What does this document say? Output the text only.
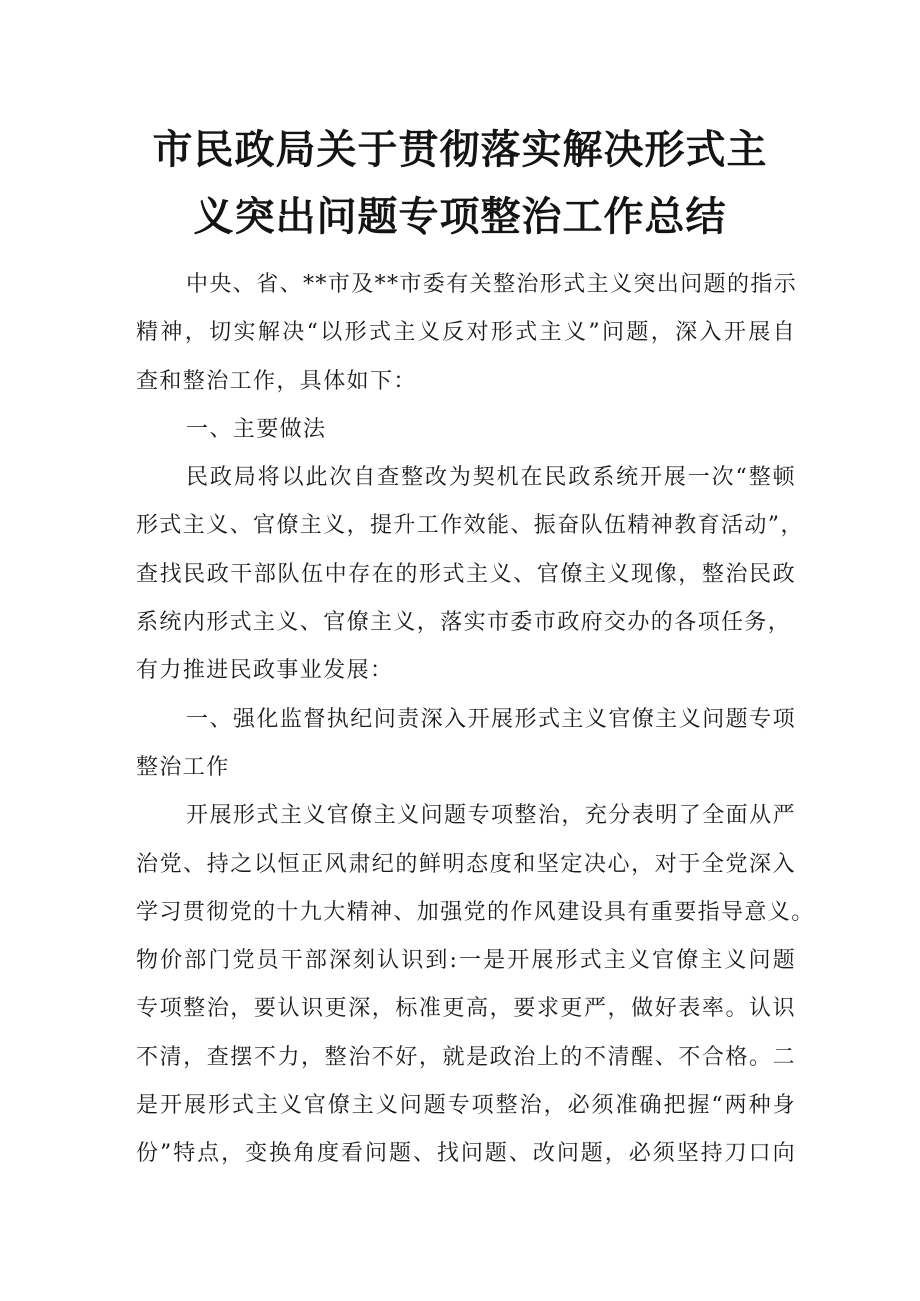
市民政局关于贯彻落实解决形式主
义突出问题专项整治工作总结

中央、省、**市及**市委有关整治形式主义突出问题的指示
精神，切实解决“以形式主义反对形式主义”问题，深入开展自
查和整治工作，具体如下：

一、主要做法

民政局将以此次自查整改为契机在民政系统开展一次“整顿
形式主义、官僚主义，提升工作效能、振奋队伍精神教育活动”，
查找民政干部队伍中存在的形式主义、官僚主义现像，整治民政
系统内形式主义、官僚主义，落实市委市政府交办的各项任务，
有力推进民政事业发展：

一、强化监督执纪问责深入开展形式主义官僚主义问题专项
整治工作

开展形式主义官僚主义问题专项整治，充分表明了全面从严
治党、持之以恒正风肃纪的鲜明态度和坚定决心，对于全党深入
学习贯彻党的十九大精神、加强党的作风建设具有重要指导意义。
物价部门党员干部深刻认识到:一是开展形式主义官僚主义问题
专项整治，要认识更深，标准更高，要求更严，做好表率。认识
不清，查摆不力，整治不好，就是政治上的不清醒、不合格。二
是开展形式主义官僚主义问题专项整治，必须准确把握“两种身
份”特点，变换角度看问题、找问题、改问题，必须坚持刀口向
